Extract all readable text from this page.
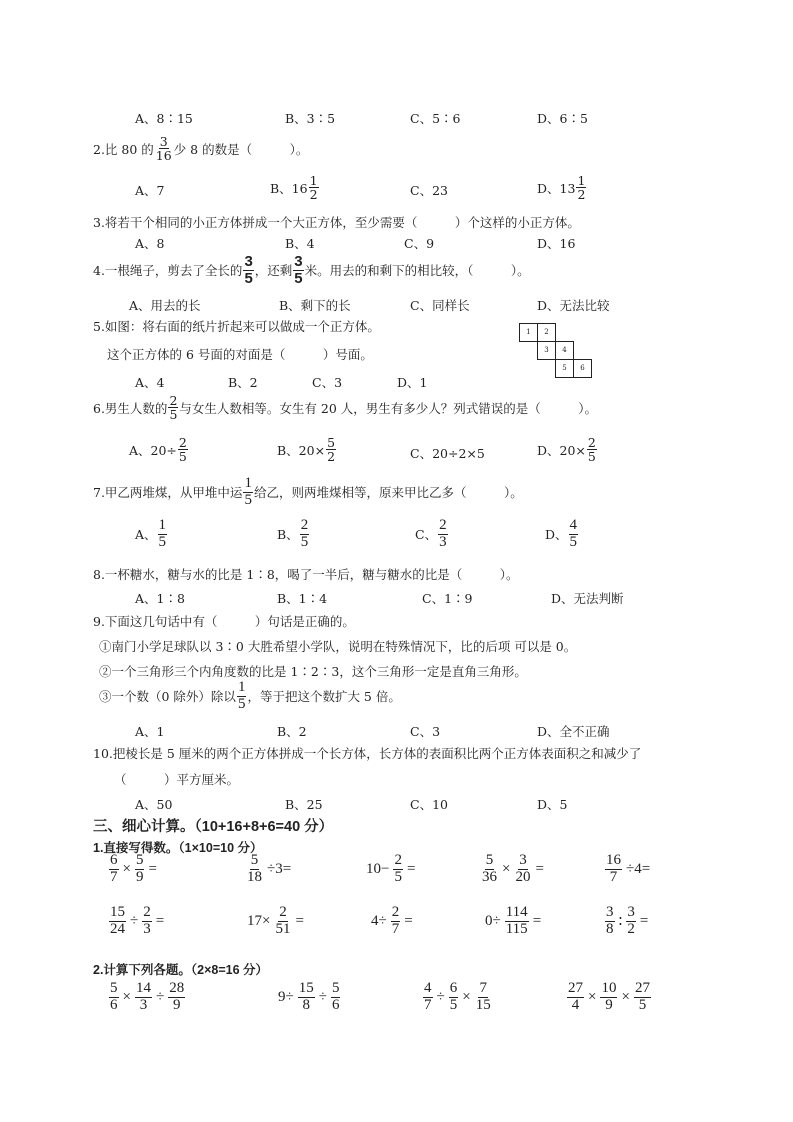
A、8∶15	B、3∶5	C、5∶6	D、6∶5
2.比 80 的 $\frac{3}{16}$ 少 8 的数是（　　　）。
A、7	B、$16 \frac{1}{2}$	C、23	D、$13 \frac{1}{2}$
3.将若干个相同的小正方体拼成一个大正方体，至少需要（　　　）个这样的小正方体。
A、8	B、4	C、9	D、16
4.一根绳子，剪去了全长的 $\frac{3}{5}$ ，还剩 $\frac{3}{5}$ 米。用去的和剩下的相比较，（　　　）。
A、用去的长	B、剩下的长	C、同样长	D、无法比较
5.如图：将右面的纸片折起来可以做成一个正方体。
这个正方体的 6 号面的对面是（　　　）号面。
A、4	B、2	C、3	D、1
1	2
3	4
5	6
6.男生人数的 $\frac{2}{5}$ 与女生人数相等。女生有 20 人，男生有多少人？列式错误的是（　　　）。
A、$20\div \frac{2}{5}$	B、$20\times \frac{5}{2}$	C、20÷2×5	D、$20\times \frac{2}{5}$
7.甲乙两堆煤，从甲堆中运 $\frac{1}{5}$ 给乙，则两堆煤相等，原来甲比乙多（　　　）。
A、 $\frac{1}{5}$	B、 $\frac{2}{5}$	C、 $\frac{2}{3}$	D、 $\frac{4}{5}$
8.一杯糖水，糖与水的比是 1∶8，喝了一半后，糖与糖水的比是（　　　）。
A、1∶8	B、1∶4	C、1∶9	D、无法判断
9.下面这几句话中有（　　　）句话是正确的。
①南门小学足球队以 3∶0 大胜希望小学队，说明在特殊情况下，比的后项 可以是 0。
②一个三角形三个内角度数的比是 1∶2∶3，这个三角形一定是直角三角形。
③一个数（0 除外）除以 $\frac{1}{5}$ ，等于把这个数扩大 5 倍。
A、1	B、2	C、3	D、全不正确
10.把棱长是 5 厘米的两个正方体拼成一个长方体，长方体的表面积比两个正方体表面积之和减少了
（　　　）平方厘米。
A、50	B、25	C、10	D、5
三、细心计算。（10+16+8+6=40 分）
1.直接写得数。（1×10=10 分）
$\frac{6}{7} \times \frac{5}{9}$ =	$\frac{5}{18} \div 3=$	$10- \frac{2}{5}$ =	$\frac{5}{36} \times \frac{3}{20}$ =	$\frac{16}{7} \div 4=$
$\frac{15}{24} \div \frac{2}{3}$ =	$17\times \frac{2}{51}$ =	$4\div \frac{2}{7}$ =	$0\div \frac{114}{115}$ =	$\frac{3}{8}$ ∶ $\frac{3}{2}$ =
2.计算下列各题。（2×8=16 分）
$\frac{5}{6} \times \frac{14}{3} \div \frac{28}{9}$	$9\div \frac{15}{8} \div \frac{5}{6}$	$\frac{4}{7} \div \frac{6}{5} \times \frac{7}{15}$	$\frac{27}{4} \times \frac{10}{9} \times \frac{27}{5}$
